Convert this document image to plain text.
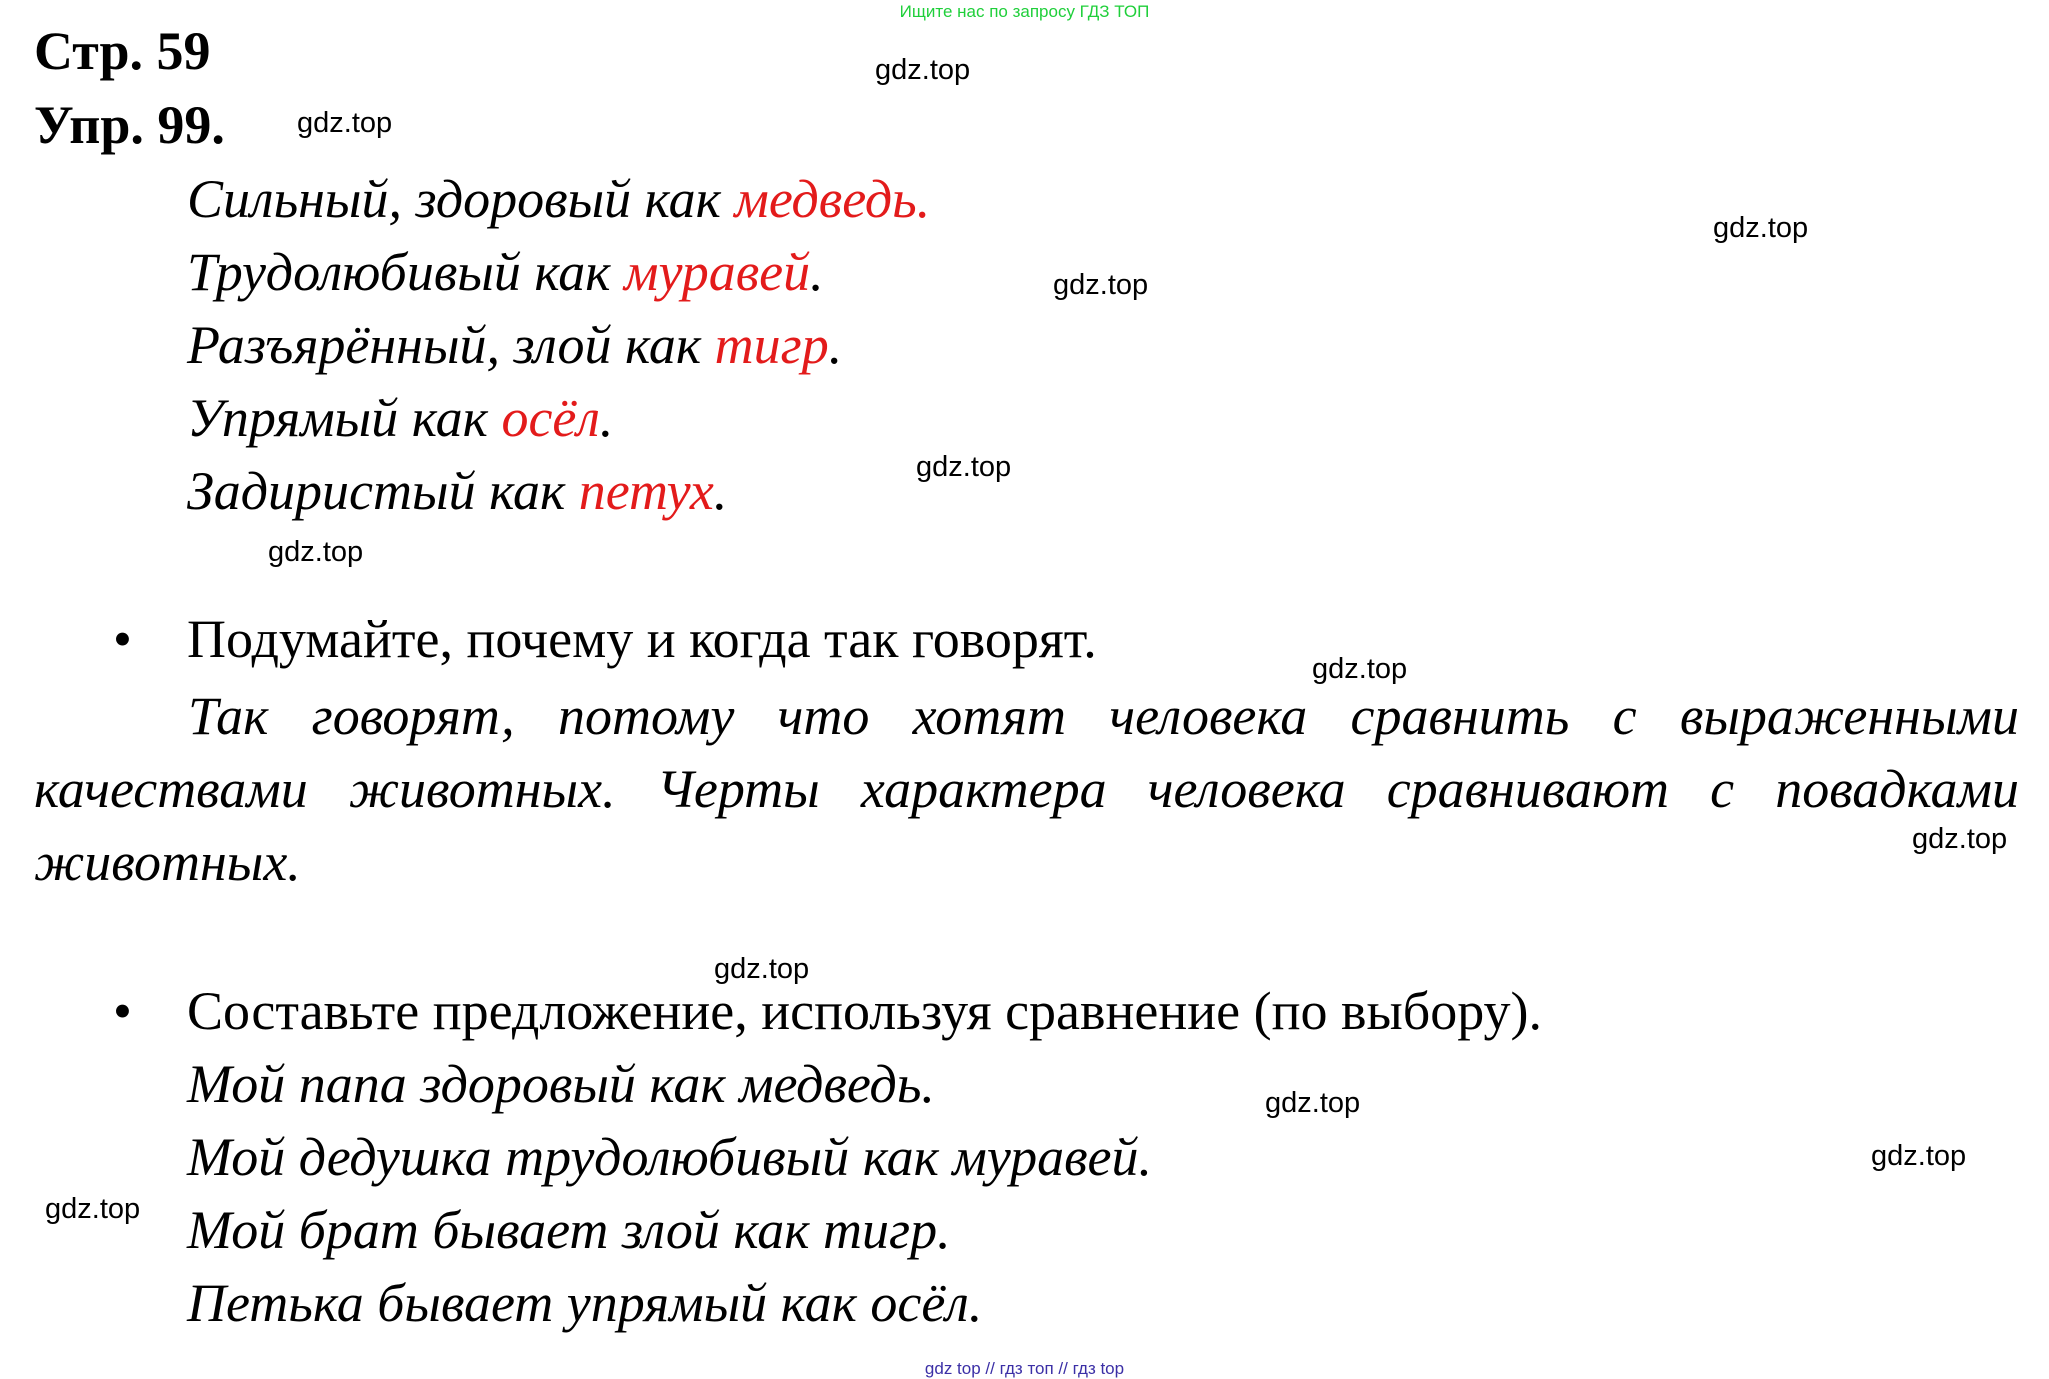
Ищите нас по запросу ГДЗ ТОП
Стр. 59
Упр. 99.
Сильный, здоровый как медведь.
Трудолюбивый как муравей.
Разъярённый, злой как тигр.
Упрямый как осёл.
Задиристый как петух.
• Подумайте, почему и когда так говорят.
Так говорят, потому что хотят человека сравнить с выраженными качествами животных. Черты характера человека сравнивают с повадками животных.
• Составьте предложение, используя сравнение (по выбору).
Мой папа здоровый как медведь.
Мой дедушка трудолюбивый как муравей.
Мой брат бывает злой как тигр.
Петька бывает упрямый как осёл.
gdz.top
gdz.top
gdz.top
gdz.top
gdz.top
gdz.top
gdz.top
gdz.top
gdz.top
gdz.top
gdz.top
gdz.top
gdz top // гдз топ // гдз top
